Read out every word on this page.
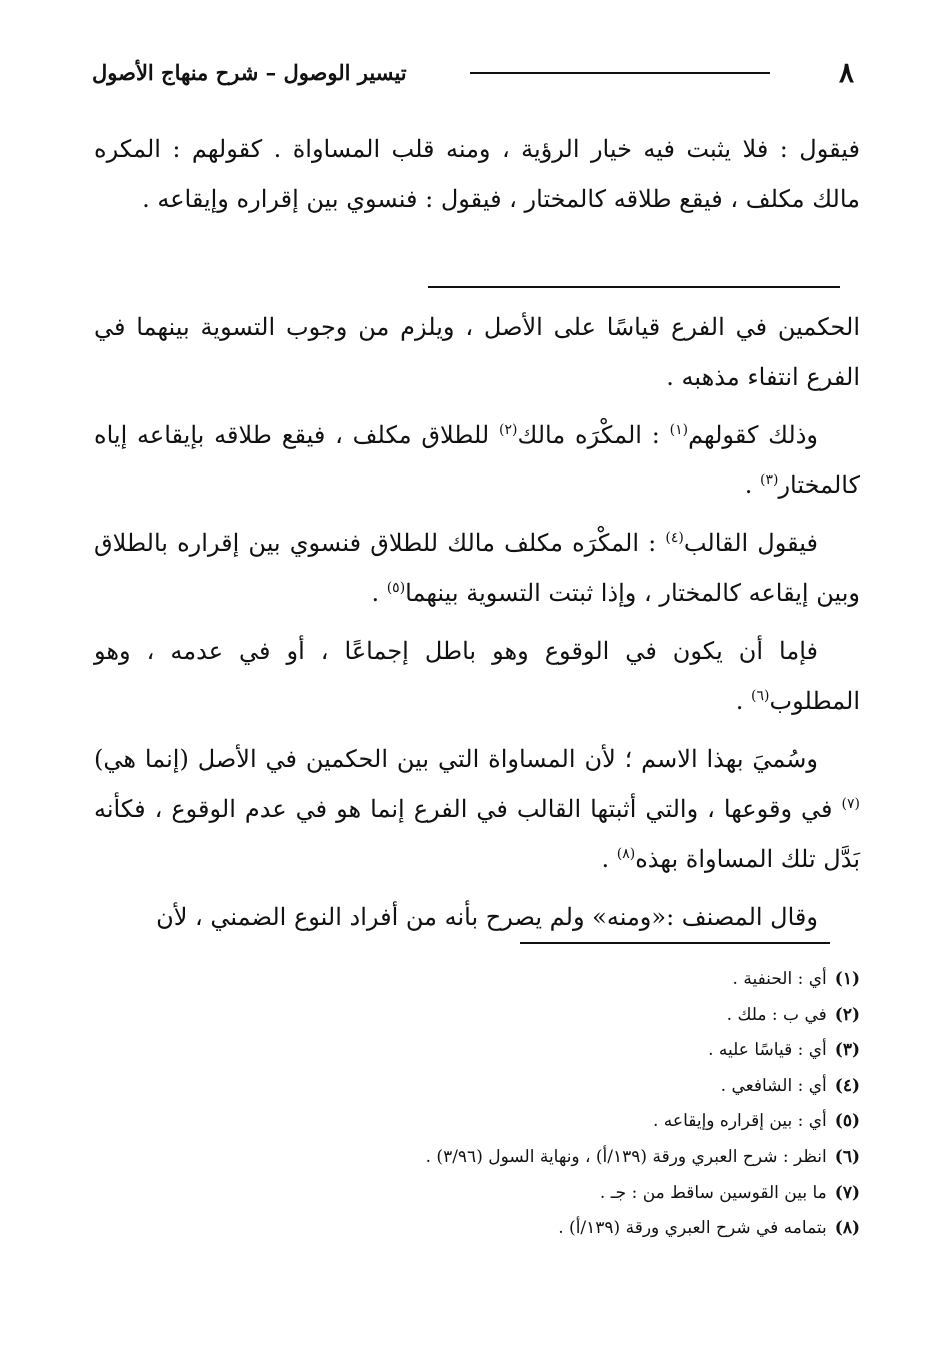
٨
تيسير الوصول – شرح منهاج الأصول

فيقول : فلا يثبت فيه خيار الرؤية ، ومنه قلب المساواة . كقولهم : المكره مالك مكلف ، فيقع طلاقه كالمختار ، فيقول : فنسوي بين إقراره وإيقاعه .

الحكمين في الفرع قياسًا على الأصل ، ويلزم من وجوب التسوية بينهما في الفرع انتفاء مذهبه .

وذلك كقولهم$^{(١)}$ : المكْرَه مالك$^{(٢)}$ للطلاق مكلف ، فيقع طلاقه بإيقاعه إياه كالمختار$^{(٣)}$ .

فيقول القالب$^{(٤)}$ : المكْرَه مكلف مالك للطلاق فنسوي بين إقراره بالطلاق وبين إيقاعه كالمختار ، وإذا ثبتت التسوية بينهما$^{(٥)}$ .

فإما أن يكون في الوقوع وهو باطل إجماعًا ، أو في عدمه ، وهو المطلوب$^{(٦)}$ .

وسُميَ بهذا الاسم ؛ لأن المساواة التي بين الحكمين في الأصل (إنما هي)$^{(٧)}$ في وقوعها ، والتي أثبتها القالب في الفرع إنما هو في عدم الوقوع ، فكأنه بَدَّل تلك المساواة بهذه$^{(٨)}$ .

وقال المصنف :«ومنه» ولم يصرح بأنه من أفراد النوع الضمني ، لأن

(١)أي : الحنفية .
(٢)في ب : ملك .
(٣)أي : قياسًا عليه .
(٤)أي : الشافعي .
(٥)أي : بين إقراره وإيقاعه .
(٦)انظر : شرح العبري ورقة (١٣٩/أ) ، ونهاية السول (٣/٩٦) .
(٧)ما بين القوسين ساقط من : جـ .
(٨)بتمامه في شرح العبري ورقة (١٣٩/أ) .
